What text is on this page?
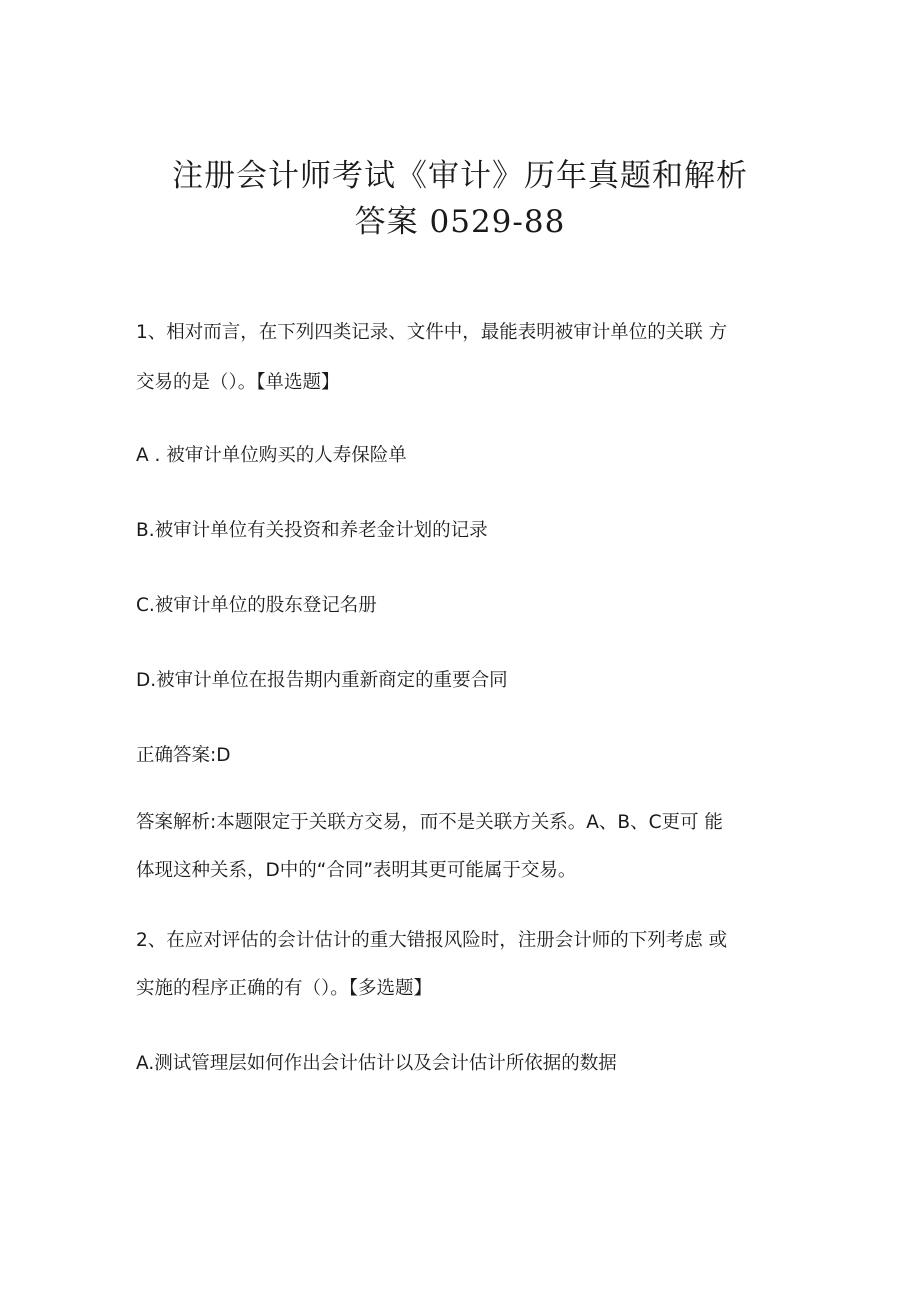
注册会计师考试《审计》历年真题和解析
答案 0529-88

1、相对而言，在下列四类记录、文件中，最能表明被审计单位的关联 方

交易的是（）。【单选题】

A . 被审计单位购买的人寿保险单

B.被审计单位有关投资和养老金计划的记录

C.被审计单位的股东登记名册

D.被审计单位在报告期内重新商定的重要合同

正确答案:D

答案解析:本题限定于关联方交易，而不是关联方关系。A、B、C更可 能

体现这种关系，D中的“合同”表明其更可能属于交易。

2、在应对评估的会计估计的重大错报风险时，注册会计师的下列考虑 或

实施的程序正确的有（）。【多选题】

A.测试管理层如何作出会计估计以及会计估计所依据的数据
